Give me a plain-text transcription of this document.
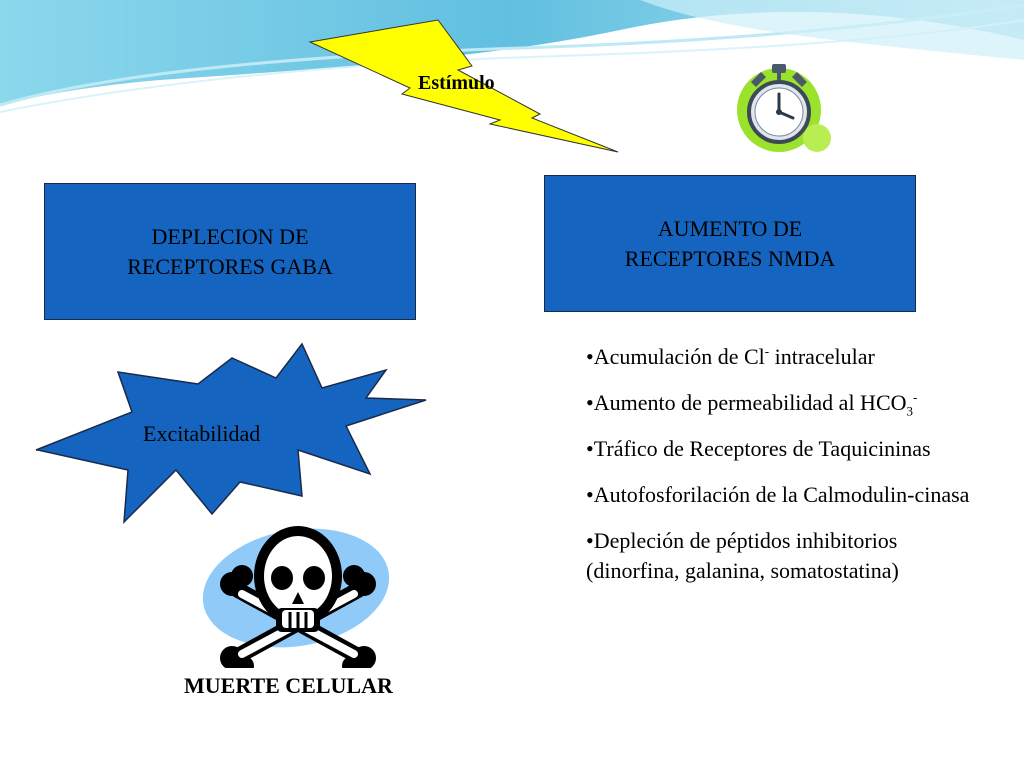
Estímulo
DEPLECION DE
RECEPTORES GABA
AUMENTO DE
RECEPTORES NMDA
Excitabilidad
MUERTE CELULAR
•Acumulación de Cl- intracelular
•Aumento de permeabilidad al $HCO_3^-$
•Tráfico de Receptores de Taquicininas
•Autofosforilación de la Calmodulin-cinasa
•Depleción de péptidos inhibitorios (dinorfina, galanina, somatostatina)
